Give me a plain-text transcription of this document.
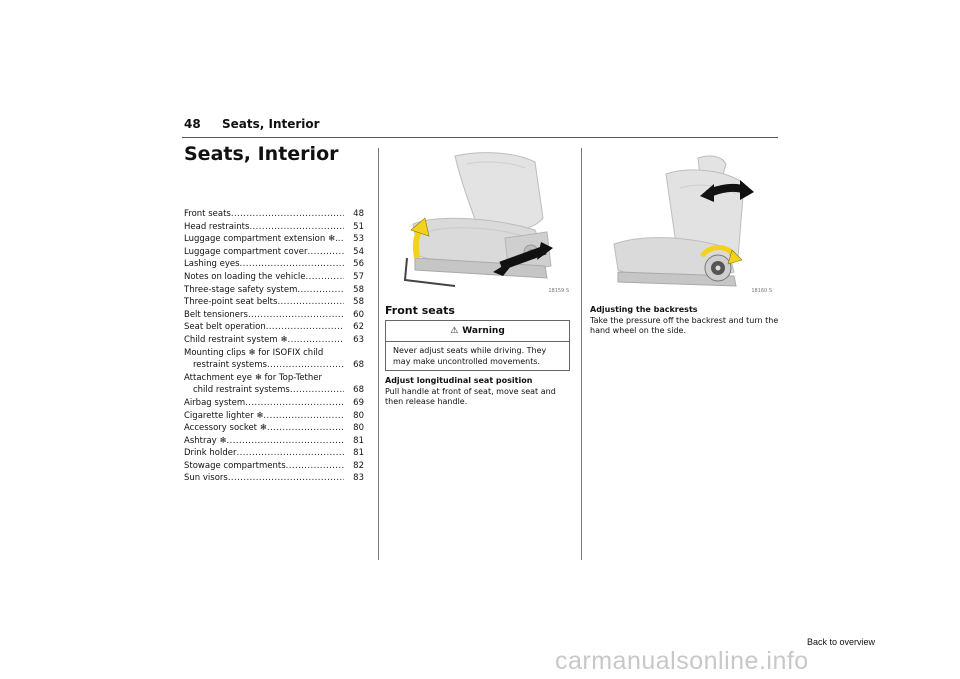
48 Seats, Interior
Seats, Interior
Front seats .....	48
Head restraints .....	51
Luggage compartment extension ❄. .....	53
Luggage compartment cover .....	54
Lashing eyes .....	56
Notes on loading the vehicle .....	57
Three-stage safety system .....	58
Three-point seat belts .....	58
Belt tensioners .....	60
Seat belt operation .....	62
Child restraint system ❄ .....	63
Mounting clips ❄ for ISOFIX child
restraint systems .....	68
Attachment eye ❄ for Top-Tether
child restraint systems .....	68
Airbag system .....	69
Cigarette lighter ❄ .....	80
Accessory socket ❄ .....	80
Ashtray ❄ .....	81
Drink holder .....	81
Stowage compartments .....	82
Sun visors .....	83
18159 S	18160 S
Front seats
⚠ Warning
Never adjust seats while driving. They may make uncontrolled movements.
Adjust longitudinal seat position
Pull handle at front of seat, move seat and then release handle.
Adjusting the backrests
Take the pressure off the backrest and turn the hand wheel on the side.
Back to overview
carmanualsonline.info
